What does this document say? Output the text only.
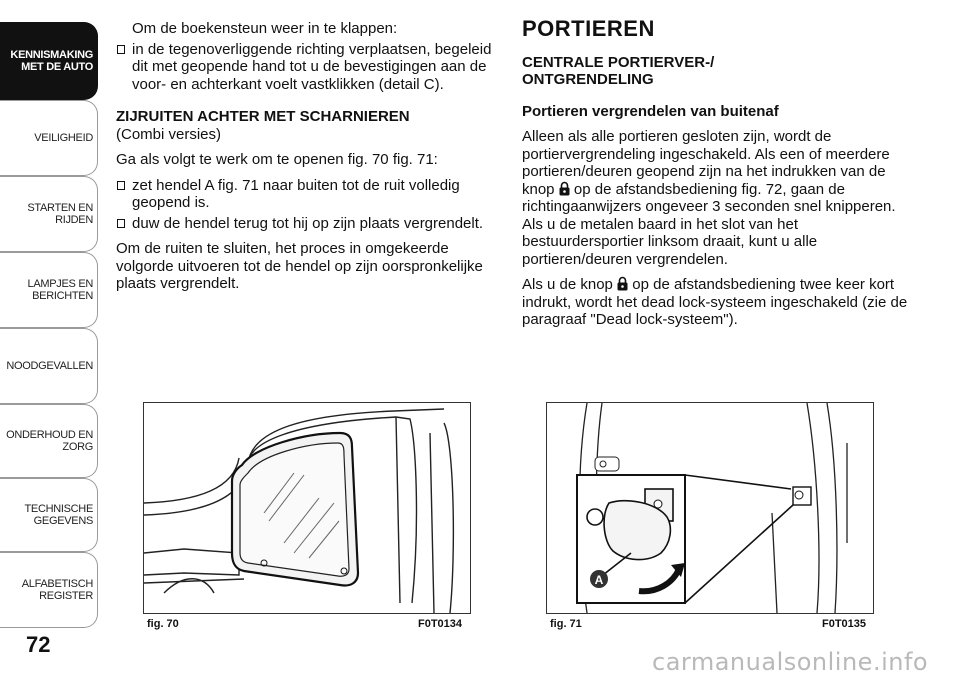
KENNISMAKING
MET DE AUTO
VEILIGHEID
STARTEN EN RIJDEN
LAMPJES EN
BERICHTEN
NOODGEVALLEN
ONDERHOUD EN
ZORG
TECHNISCHE
GEGEVENS
ALFABETISCH
REGISTER
72

Om de boekensteun weer in te klappen:

in de tegenoverliggende richting verplaatsen, begeleid dit met geopende hand tot u de bevestigingen aan de voor- en achterkant voelt vastklikken (detail C).

ZIJRUITEN ACHTER MET SCHARNIEREN

(Combi versies)

Ga als volgt te werk om te openen fig. 70 fig. 71:

zet hendel A fig. 71 naar buiten tot de ruit volledig geopend is.

duw de hendel terug tot hij op zijn plaats vergrendelt.

Om de ruiten te sluiten, het proces in omgekeerde volgorde uitvoeren tot de hendel op zijn oorspronkelijke plaats vergrendelt.

PORTIEREN

CENTRALE PORTIERVER-/ ONTGRENDELING

Portieren vergrendelen van buitenaf

Alleen als alle portieren gesloten zijn, wordt de portiervergrendeling ingeschakeld. Als een of meerdere portieren/deuren geopend zijn na het indrukken van de knop op de afstandsbediening fig. 72, gaan de richtingaanwijzers ongeveer 3 seconden snel knipperen. Als u de metalen baard in het slot van het bestuurdersportier linksom draait, kunt u alle portieren/deuren vergrendelen.

Als u de knop op de afstandsbediening twee keer kort indrukt, wordt het dead lock-systeem ingeschakeld (zie de paragraaf "Dead lock-systeem").

fig. 70	F0T0134
A
fig. 71	F0T0135
carmanualsonline.info
